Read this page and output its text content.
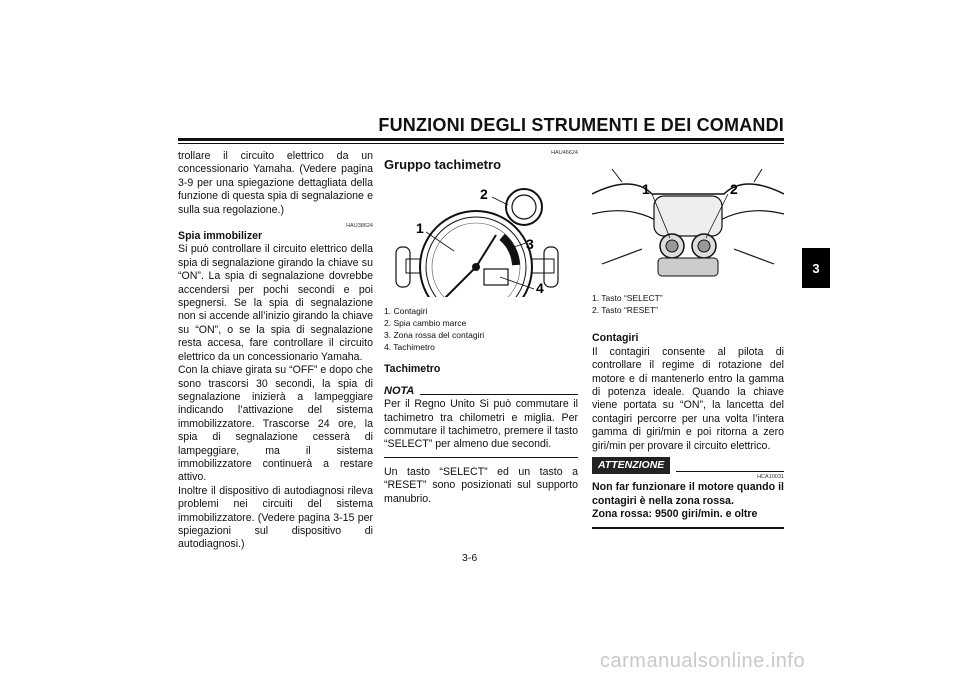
FUNZIONI DEGLI STRUMENTI E DEI COMANDI
3

trollare il circuito elettrico da un concessionario Yamaha. (Vedere pagina 3-9 per una spiegazione dettagliata della funzione di questa spia di segnalazione e sulla sua regolazione.)

HAU38624

Spia immobilizer

Si può controllare il circuito elettrico della spia di segnalazione girando la chiave su “ON”. La spia di segnalazione dovrebbe accendersi per pochi secondi e poi spegnersi. Se la spia di segnalazione non si accende all’inizio girando la chiave su “ON”, o se la spia di segnalazione resta accesa, fare controllare il circuito elettrico da un concessionario Yamaha.

Con la chiave girata su “OFF” e dopo che sono trascorsi 30 secondi, la spia di segnalazione inizierà a lampeggiare indicando l’attivazione del sistema immobilizzatore. Trascorse 24 ore, la spia di segnalazione cesserà di lampeggiare, ma il sistema immobilizzatore continuerà a restare attivo.

Inoltre il dispositivo di autodiagnosi rileva problemi nei circuiti del sistema immobilizzatore. (Vedere pagina 3-15 per spiegazioni sul dispositivo di autodiagnosi.)

HAU46624

Gruppo tachimetro

1
2
3
4
1. Contagiri
2. Spia cambio marce
3. Zona rossa del contagiri
4. Tachimetro

Tachimetro

NOTA

Per il Regno Unito Si può commutare il tachimetro tra chilometri e miglia. Per commutare il tachimetro, premere il tasto “SELECT” per almeno due secondi.

Un tasto “SELECT” ed un tasto a “RESET” sono posizionati sul supporto manubrio.

1	2
1. Tasto “SELECT”
2. Tasto “RESET”

Contagiri

Il contagiri consente al pilota di controllare il regime di rotazione del motore e di mantenerlo entro la gamma di potenza ideale. Quando la chiave viene portata su “ON”, la lancetta del contagiri percorre per una volta l’intera gamma di giri/min e poi ritorna a zero giri/min per provare il circuito elettrico.

ATTENZIONE

HCA10031

Non far funzionare il motore quando il contagiri è nella zona rossa.

Zona rossa: 9500 giri/min. e oltre

3-6
carmanualsonline.info
